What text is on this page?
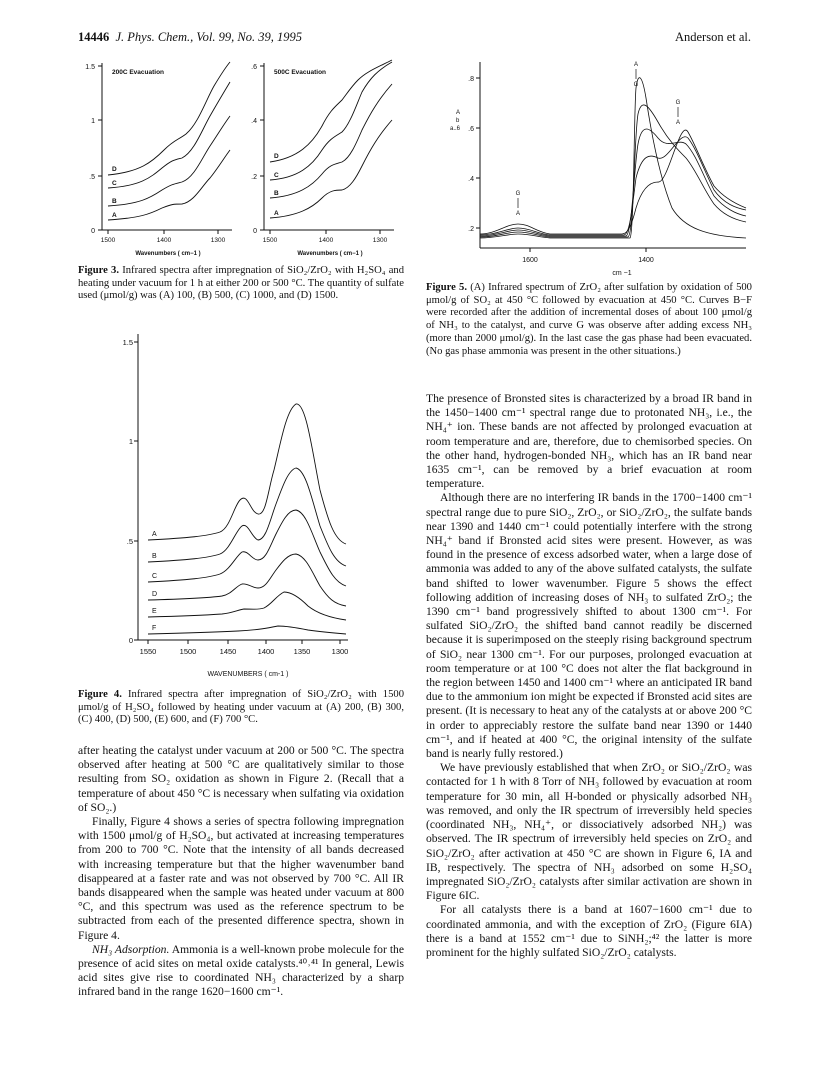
14446 J. Phys. Chem., Vol. 99, No. 39, 1995	Anderson et al.
1.5
1
.5
0
200C Evacuation
1500	1400	1300
Wavenumbers ( cm−1 )
D
C
B
A
.6
.4
.2
0
500C Evacuation
1500	1400	1300
Wavenumbers ( cm−1 )
D
C
B
A
Figure 3. Infrared spectra after impregnation of SiO₂/ZrO₂ with H₂SO₄ and heating under vacuum for 1 h at either 200 or 500 °C. The quantity of sulfate used (μmol/g) was (A) 100, (B) 500, (C) 1000, and (D) 1500.
1.5
1
.5
0
1550	1500	1450	1400	1350	1300
WAVENUMBERS ( cm-1 )
A
B
C
D
E
F
Figure 4. Infrared spectra after impregnation of SiO₂/ZrO₂ with 1500 μmol/g of H₂SO₄ followed by heating under vacuum at (A) 200, (B) 300, (C) 400, (D) 500, (E) 600, and (F) 700 °C.

after heating the catalyst under vacuum at 200 or 500 °C. The spectra observed after heating at 500 °C are qualitatively similar to those resulting from SO₂ oxidation as shown in Figure 2. (Recall that a temperature of about 450 °C is necessary when sulfating via oxidation of SO₂.)

Finally, Figure 4 shows a series of spectra following impregnation with 1500 μmol/g of H₂SO₄, but activated at increasing temperatures from 200 to 700 °C. Note that the intensity of all bands decreased with increasing temperature but that the higher wavenumber band disappeared at a faster rate and was not observed by 700 °C. All IR bands disappeared when the sample was heated under vacuum at 800 °C, and this spectrum was used as the reference spectrum to be subtracted from each of the presented difference spectra, shown in Figure 4.

NH₃ Adsorption. Ammonia is a well-known probe molecule for the presence of acid sites on metal oxide catalysts.⁴⁰˒⁴¹ In general, Lewis acid sites give rise to coordinated NH₃ characterized by a sharp infrared band in the range 1620−1600 cm⁻¹.

.8
.6
.4
.2
A
b
a..6
1600	1400
cm −1
G
A
A
G
G
A
Figure 5. (A) Infrared spectrum of ZrO₂ after sulfation by oxidation of 500 μmol/g of SO₂ at 450 °C followed by evacuation at 450 °C. Curves B−F were recorded after the addition of incremental doses of about 100 μmol/g of NH₃ to the catalyst, and curve G was observe after adding excess NH₃ (more than 2000 μmol/g). In the last case the gas phase had been evacuated. (No gas phase ammonia was present in the other situations.)

The presence of Bronsted sites is characterized by a broad IR band in the 1450−1400 cm⁻¹ spectral range due to protonated NH₃, i.e., the NH₄⁺ ion. These bands are not affected by prolonged evacuation at room temperature and are, therefore, due to chemisorbed species. On the other hand, hydrogen-bonded NH₃, which has an IR band near 1635 cm⁻¹, can be removed by a brief evacuation at room temperature.

Although there are no interfering IR bands in the 1700−1400 cm⁻¹ spectral range due to pure SiO₂, ZrO₂, or SiO₂/ZrO₂, the sulfate bands near 1390 and 1440 cm⁻¹ could potentially interfere with the strong NH₄⁺ band if Bronsted acid sites were present. However, as was found in the presence of excess adsorbed water, when a large dose of ammonia was added to any of the above sulfated catalysts, the sulfate band shifted to lower wavenumber. Figure 5 shows the effect following addition of increasing doses of NH₃ to sulfated ZrO₂; the 1390 cm⁻¹ band progressively shifted to about 1300 cm⁻¹. For sulfated SiO₂/ZrO₂ the shifted band cannot readily be discerned because it is superimposed on the steeply rising background spectrum of SiO₂ near 1300 cm⁻¹. For our purposes, prolonged evacuation at room temperature or at 100 °C does not alter the flat background in the region between 1450 and 1400 cm⁻¹ where an anticipated IR band due to the ammonium ion might be expected if Bronsted acid sites are present. (It is necessary to heat any of the catalysts at or above 200 °C in order to appreciably restore the sulfate band near 1390 or 1440 cm⁻¹, and if heated at 400 °C, the original intensity of the sulfate band is nearly fully restored.)

We have previously established that when ZrO₂ or SiO₂/ZrO₂ was contacted for 1 h with 8 Torr of NH₃ followed by evacuation at room temperature for 30 min, all H-bonded or physically adsorbed NH₃ was removed, and only the IR spectrum of irreversibly held species (coordinated NH₃, NH₄⁺, or dissociatively adsorbed NH₂) was observed. The IR spectrum of irreversibly held species on ZrO₂ and SiO₂/ZrO₂ after activation at 450 °C are shown in Figure 6, IA and IB, respectively. The spectra of NH₃ adsorbed on some H₂SO₄ impregnated SiO₂/ZrO₂ catalysts after similar activation are shown in Figure 6IC.

For all catalysts there is a band at 1607−1600 cm⁻¹ due to coordinated ammonia, and with the exception of ZrO₂ (Figure 6IA) there is a band at 1552 cm⁻¹ due to SiNH₂;⁴² the latter is more prominent for the highly sulfated SiO₂/ZrO₂ catalysts.
